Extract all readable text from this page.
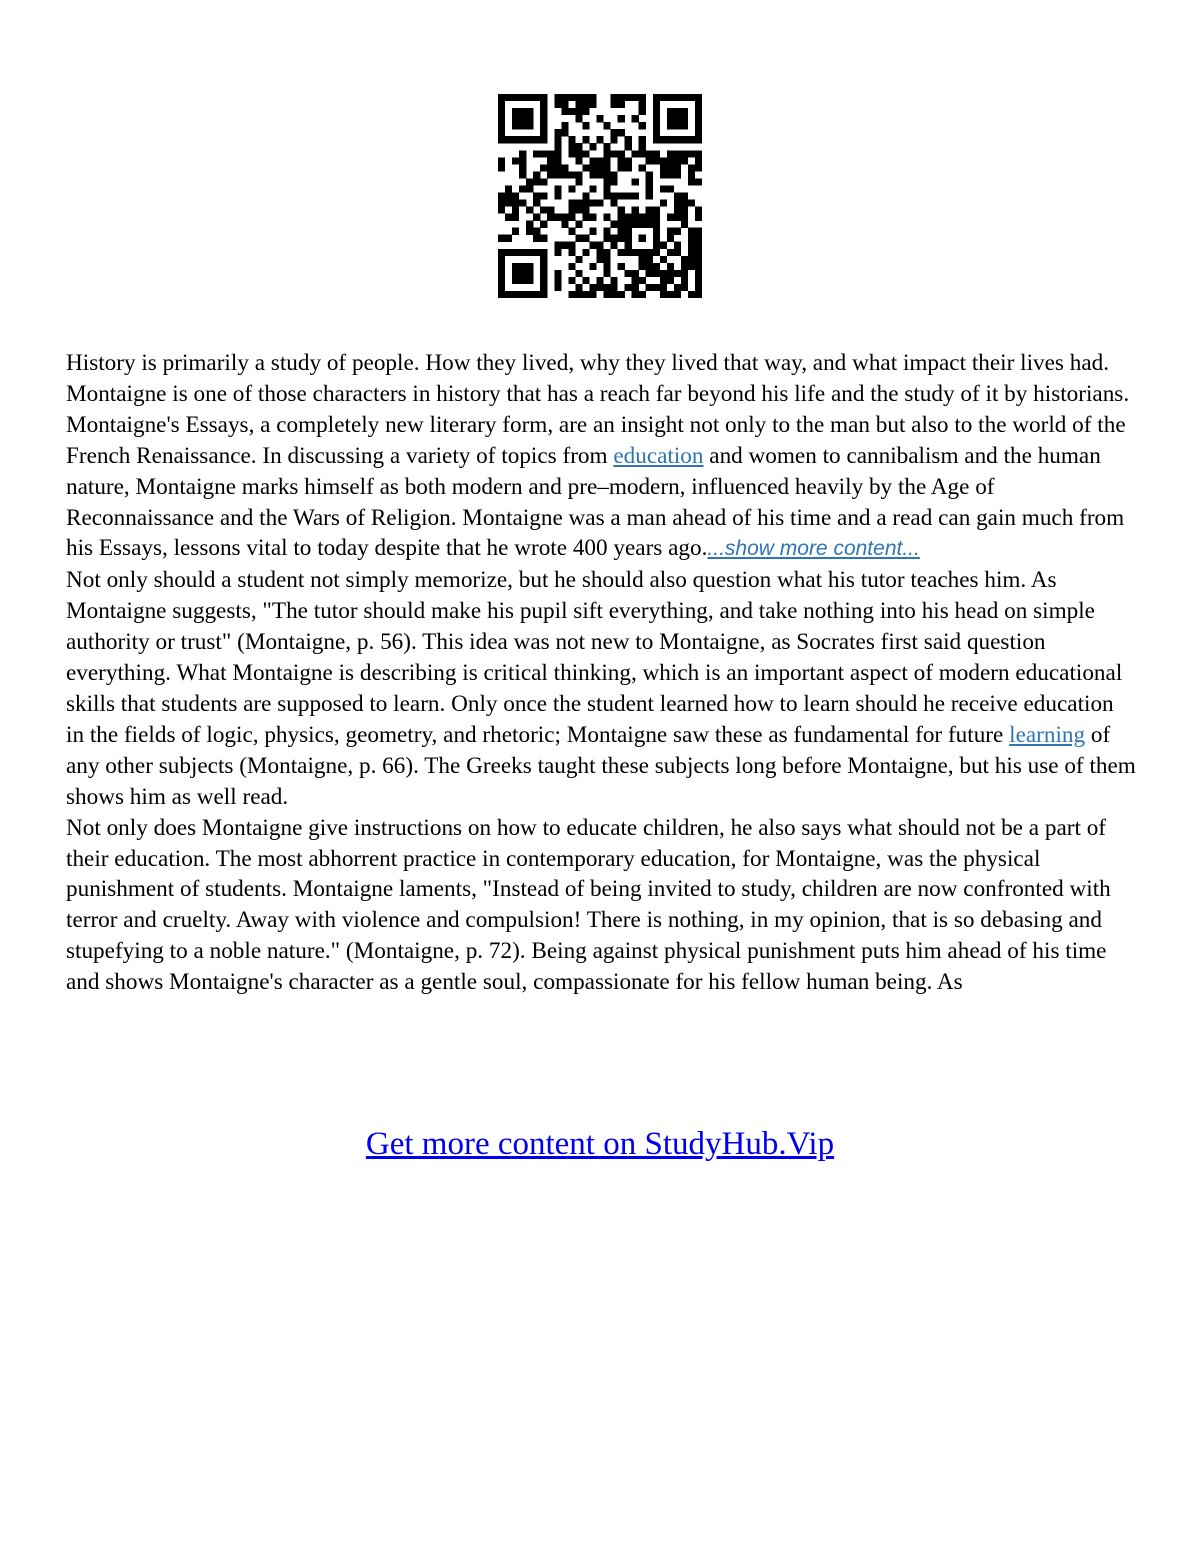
History is primarily a study of people. How they lived, why they lived that way, and what impact their lives had. Montaigne is one of those characters in history that has a reach far beyond his life and the study of it by historians. Montaigne's Essays, a completely new literary form, are an insight not only to the man but also to the world of the French Renaissance. In discussing a variety of topics from education and women to cannibalism and the human nature, Montaigne marks himself as both modern and pre–modern, influenced heavily by the Age of Reconnaissance and the Wars of Religion. Montaigne was a man ahead of his time and a read can gain much from his Essays, lessons vital to today despite that he wrote 400 years ago....show more content...

Not only should a student not simply memorize, but he should also question what his tutor teaches him. As Montaigne suggests, "The tutor should make his pupil sift everything, and take nothing into his head on simple authority or trust" (Montaigne, p. 56). This idea was not new to Montaigne, as Socrates first said question everything. What Montaigne is describing is critical thinking, which is an important aspect of modern educational skills that students are supposed to learn. Only once the student learned how to learn should he receive education in the fields of logic, physics, geometry, and rhetoric; Montaigne saw these as fundamental for future learning of any other subjects (Montaigne, p. 66). The Greeks taught these subjects long before Montaigne, but his use of them shows him as well read.

Not only does Montaigne give instructions on how to educate children, he also says what should not be a part of their education. The most abhorrent practice in contemporary education, for Montaigne, was the physical punishment of students. Montaigne laments, "Instead of being invited to study, children are now confronted with terror and cruelty. Away with violence and compulsion! There is nothing, in my opinion, that is so debasing and stupefying to a noble nature." (Montaigne, p. 72). Being against physical punishment puts him ahead of his time and shows Montaigne's character as a gentle soul, compassionate for his fellow human being. As

Get more content on StudyHub.Vip
